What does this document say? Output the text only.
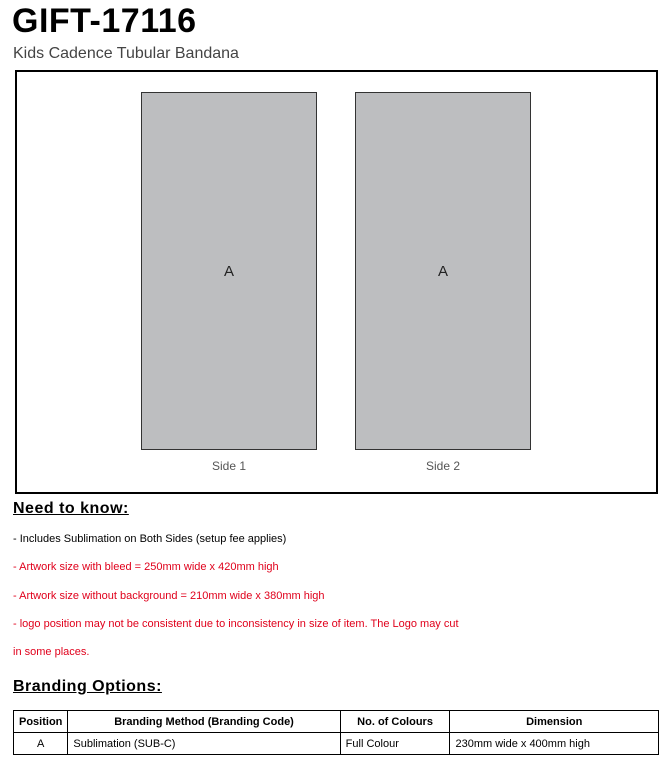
GIFT-17116
Kids Cadence Tubular Bandana
A
Side 1
A
Side 2
Need to know:
- Includes Sublimation on Both Sides (setup fee applies)
- Artwork size with bleed = 250mm wide x 420mm high
- Artwork size without background = 210mm wide x 380mm high
- logo position may not be consistent due to inconsistency in size of item. The Logo may cut
in some places.
Branding Options:
Position	Branding Method (Branding Code)	No. of Colours	Dimension
A	Sublimation (SUB-C)	Full Colour	230mm wide x 400mm high
